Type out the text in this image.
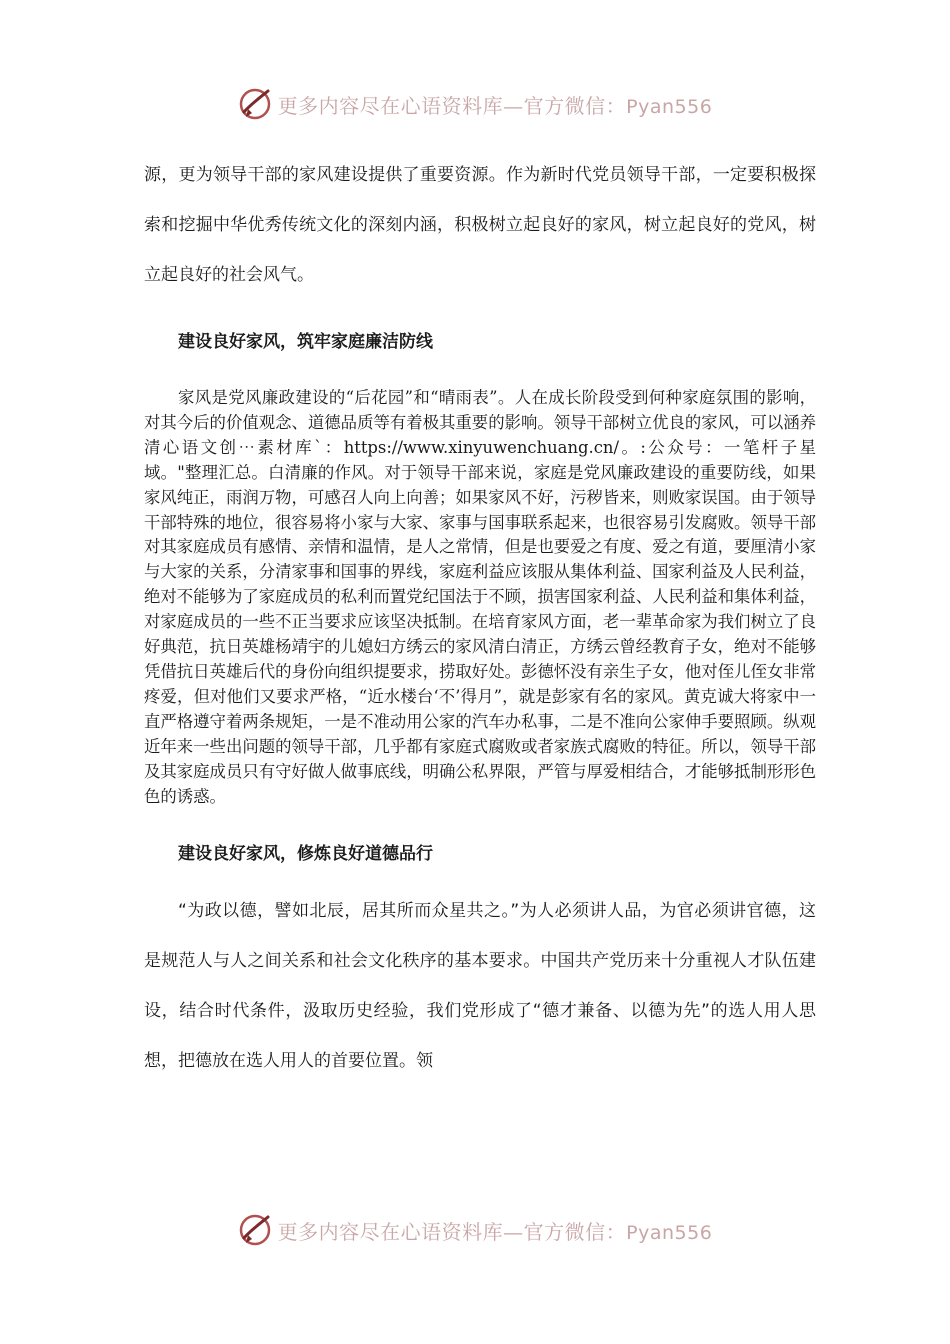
更多内容尽在心语资料库—官方微信：Pyan556

源，更为领导干部的家风建设提供了重要资源。作为新时代党员领导干部，一定要积极探索和挖掘中华优秀传统文化的深刻内涵，积极树立起良好的家风，树立起良好的党风，树立起良好的社会风气。

建设良好家风，筑牢家庭廉洁防线

家风是党风廉政建设的“后花园”和“晴雨表”。人在成长阶段受到何种家庭氛围的影响，对其今后的价值观念、道德品质等有着极其重要的影响。领导干部树立优良的家风，可以涵养清心语文创⋯素材库`：https://www.xinyuwenchuang.cn/。:公众号：一笔杆子星域。"整理汇总。白清廉的作风。对于领导干部来说，家庭是党风廉政建设的重要防线，如果家风纯正，雨润万物，可感召人向上向善；如果家风不好，污秽皆来，则败家误国。由于领导干部特殊的地位，很容易将小家与大家、家事与国事联系起来，也很容易引发腐败。领导干部对其家庭成员有感情、亲情和温情，是人之常情，但是也要爱之有度、爱之有道，要厘清小家与大家的关系，分清家事和国事的界线，家庭利益应该服从集体利益、国家利益及人民利益，绝对不能够为了家庭成员的私利而置党纪国法于不顾，损害国家利益、人民利益和集体利益，对家庭成员的一些不正当要求应该坚决抵制。在培育家风方面，老一辈革命家为我们树立了良好典范，抗日英雄杨靖宇的儿媳妇方绣云的家风清白清正，方绣云曾经教育子女，绝对不能够凭借抗日英雄后代的身份向组织提要求，捞取好处。彭德怀没有亲生子女，他对侄儿侄女非常疼爱，但对他们又要求严格，“近水楼台‘不’得月”，就是彭家有名的家风。黄克诚大将家中一直严格遵守着两条规矩，一是不准动用公家的汽车办私事，二是不准向公家伸手要照顾。纵观近年来一些出问题的领导干部，几乎都有家庭式腐败或者家族式腐败的特征。所以，领导干部及其家庭成员只有守好做人做事底线，明确公私界限，严管与厚爱相结合，才能够抵制形形色色的诱惑。

建设良好家风，修炼良好道德品行

“为政以德，譬如北辰，居其所而众星共之。”为人必须讲人品，为官必须讲官德，这是规范人与人之间关系和社会文化秩序的基本要求。中国共产党历来十分重视人才队伍建设，结合时代条件，汲取历史经验，我们党形成了“德才兼备、以德为先”的选人用人思想，把德放在选人用人的首要位置。领

更多内容尽在心语资料库—官方微信：Pyan556
